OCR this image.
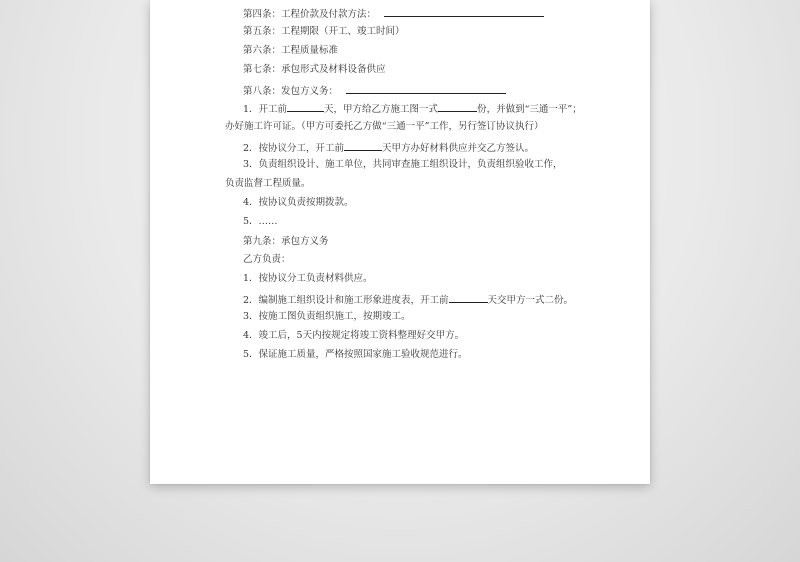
第四条：工程价款及付款方法：
第五条：工程期限（开工、竣工时间）
第六条：工程质量标准
第七条：承包形式及材料设备供应
第八条：发包方义务：
1．开工前	天，甲方给乙方施工图一式	份，并做到“三通一平”；
办好施工许可证。（甲方可委托乙方做“三通一平”工作，另行签订协议执行）
2．按协议分工，开工前	天甲方办好材料供应并交乙方签认。
3．负责组织设计、施工单位，共同审查施工组织设计，负责组织验收工作，
负责监督工程质量。
4．按协议负责按期拨款。
5．……
第九条：承包方义务
乙方负责：
1．按协议分工负责材料供应。
2．编制施工组织设计和施工形象进度表，开工前	天交甲方一式二份。
3．按施工图负责组织施工，按期竣工。
4．竣工后，5天内按规定将竣工资料整理好交甲方。
5．保证施工质量，严格按照国家施工验收规范进行。
